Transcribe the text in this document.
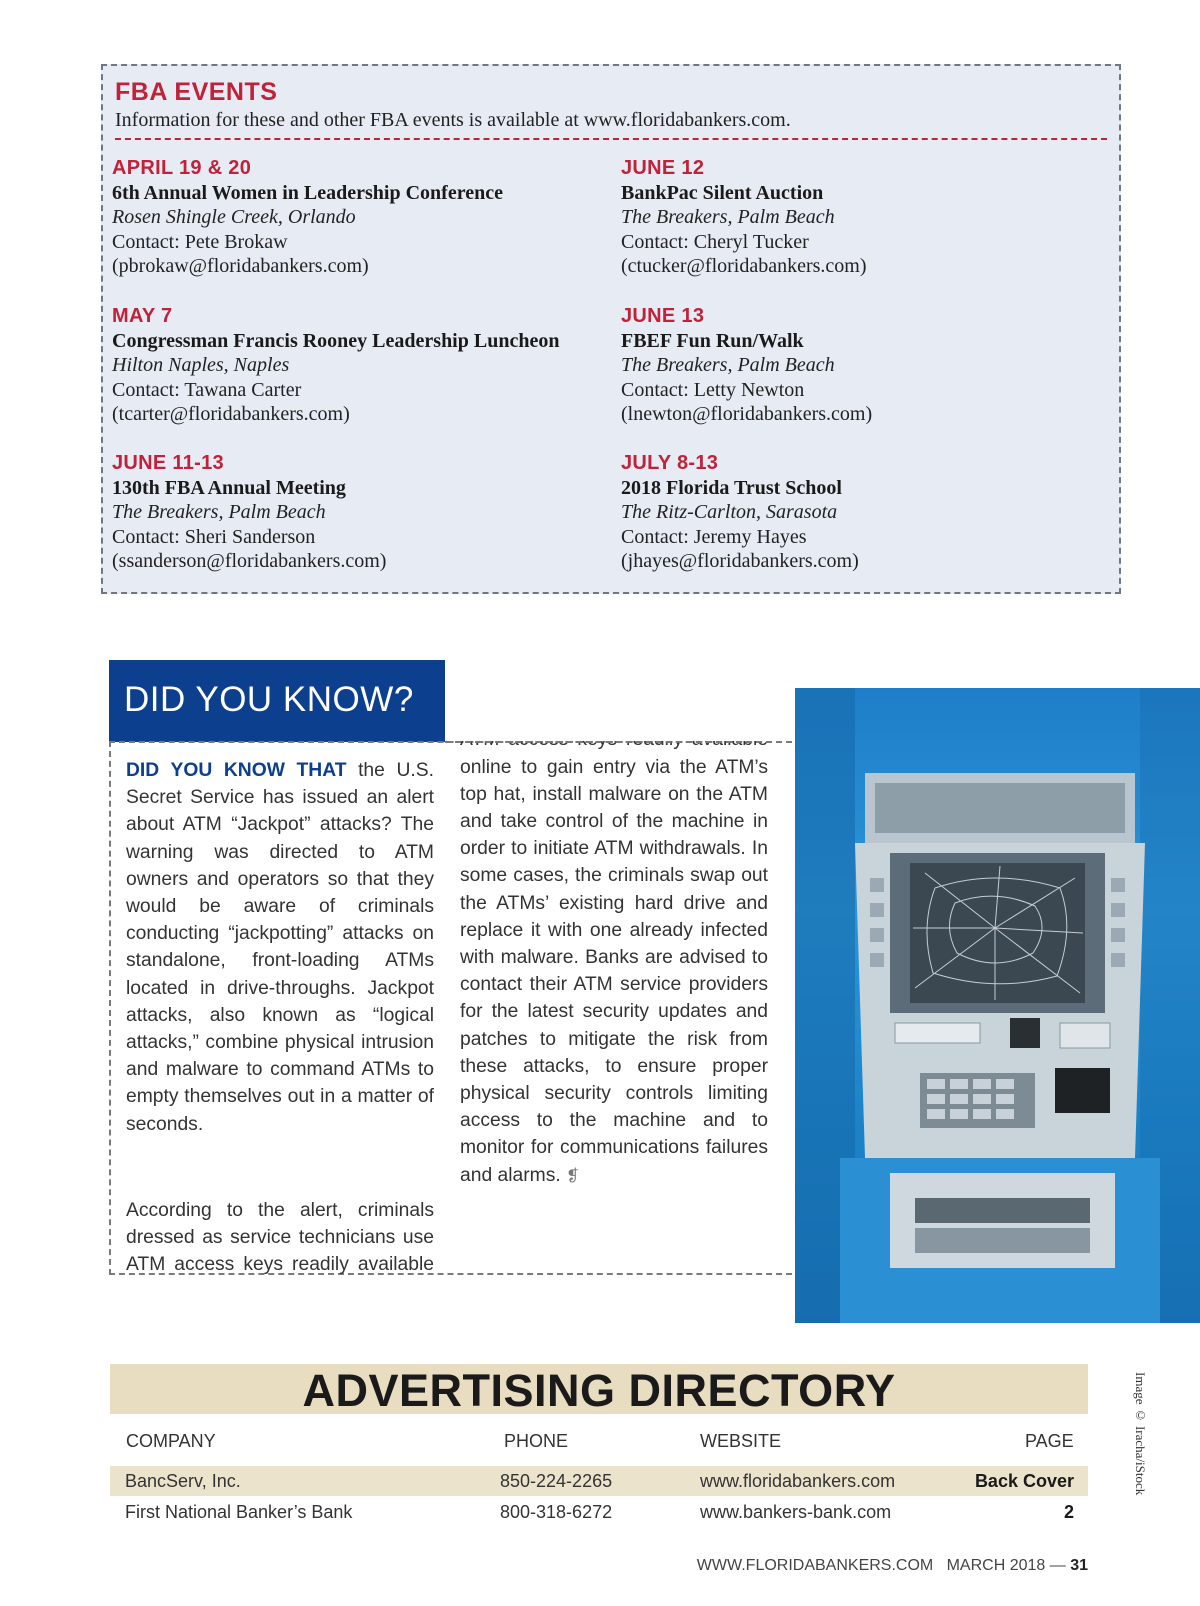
FBA EVENTS
Information for these and other FBA events is available at www.floridabankers.com.
APRIL 19 & 20
6th Annual Women in Leadership Conference
Rosen Shingle Creek, Orlando
Contact: Pete Brokaw
(pbrokaw@floridabankers.com)
JUNE 12
BankPac Silent Auction
The Breakers, Palm Beach
Contact: Cheryl Tucker
(ctucker@floridabankers.com)
MAY 7
Congressman Francis Rooney Leadership Luncheon
Hilton Naples, Naples
Contact: Tawana Carter
(tcarter@floridabankers.com)
JUNE 13
FBEF Fun Run/Walk
The Breakers, Palm Beach
Contact: Letty Newton
(lnewton@floridabankers.com)
JUNE 11-13
130th FBA Annual Meeting
The Breakers, Palm Beach
Contact: Sheri Sanderson
(ssanderson@floridabankers.com)
JULY 8-13
2018 Florida Trust School
The Ritz-Carlton, Sarasota
Contact: Jeremy Hayes
(jhayes@floridabankers.com)
DID YOU KNOW?

DID YOU KNOW THAT the U.S. Secret Service has issued an alert about ATM “Jackpot” attacks? The warning was directed to ATM owners and operators so that they would be aware of criminals conducting “jackpotting” attacks on standalone, front-loading ATMs located in drive-throughs. Jackpot attacks, also known as “logical attacks,” combine physical intrusion and malware to command ATMs to empty themselves out in a matter of seconds.

According to the alert, criminals dressed as service technicians use ATM access keys readily available

online to gain entry via the ATM’s top hat, install malware on the ATM and take control of the machine in order to initiate ATM withdrawals. In some cases, the criminals swap out the ATMs’ existing hard drive and replace it with one already infected with malware. Banks are advised to contact their ATM service providers for the latest security updates and patches to mitigate the risk from these attacks, to ensure proper physical security controls limiting access to the machine and to monitor for communications failures and alarms. ❡

Image © Iracha/iStock
ADVERTISING DIRECTORY
COMPANY	PHONE	WEBSITE	PAGE
BancServ, Inc.	850-224-2265	www.floridabankers.com	Back Cover
First National Banker’s Bank	800-318-6272	www.bankers-bank.com	2
WWW.FLORIDABANKERS.COM MARCH 2018 — 31
